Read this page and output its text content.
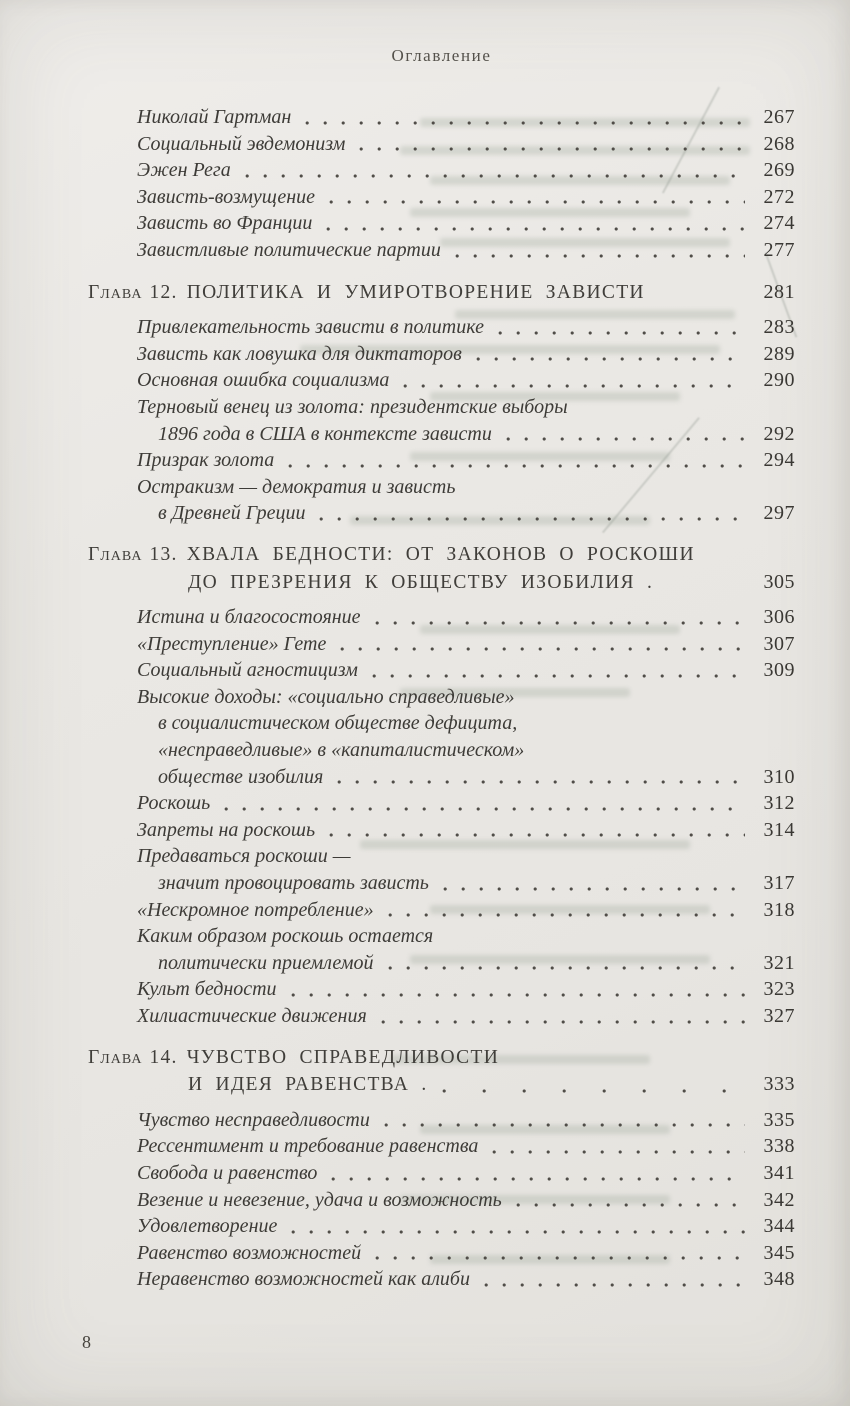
Оглавление
Николай Гартман	267
Социальный эвдемонизм	268
Эжен Рега	269
Зависть-возмущение	272
Зависть во Франции	274
Завистливые политические партии	277
Глава 12. ПОЛИТИКА И УМИРОТВОРЕНИЕ ЗАВИСТИ	281
Привлекательность зависти в политике	283
Зависть как ловушка для диктаторов	289
Основная ошибка социализма	290
Терновый венец из золота: президентские выборы
1896 года в США в контексте зависти	292
Призрак золота	294
Остракизм — демократия и зависть
в Древней Греции	297
Глава 13. ХВАЛА БЕДНОСТИ: ОТ ЗАКОНОВ О РОСКОШИ
ДО ПРЕЗРЕНИЯ К ОБЩЕСТВУ ИЗОБИЛИЯ .	305
Истина и благосостояние	306
«Преступление» Гете	307
Социальный агностицизм	309
Высокие доходы: «социально справедливые»
в социалистическом обществе дефицита,
«несправедливые» в «капиталистическом»
обществе изобилия	310
Роскошь	312
Запреты на роскошь	314
Предаваться роскоши —
значит провоцировать зависть	317
«Нескромное потребление»	318
Каким образом роскошь остается
политически приемлемой	321
Культ бедности	323
Хилиастические движения	327
Глава 14. ЧУВСТВО СПРАВЕДЛИВОСТИ
И ИДЕЯ РАВЕНСТВА .	333
Чувство несправедливости	335
Рессентимент и требование равенства	338
Свобода и равенство	341
Везение и невезение, удача и возможность	342
Удовлетворение	344
Равенство возможностей	345
Неравенство возможностей как алиби	348
8
